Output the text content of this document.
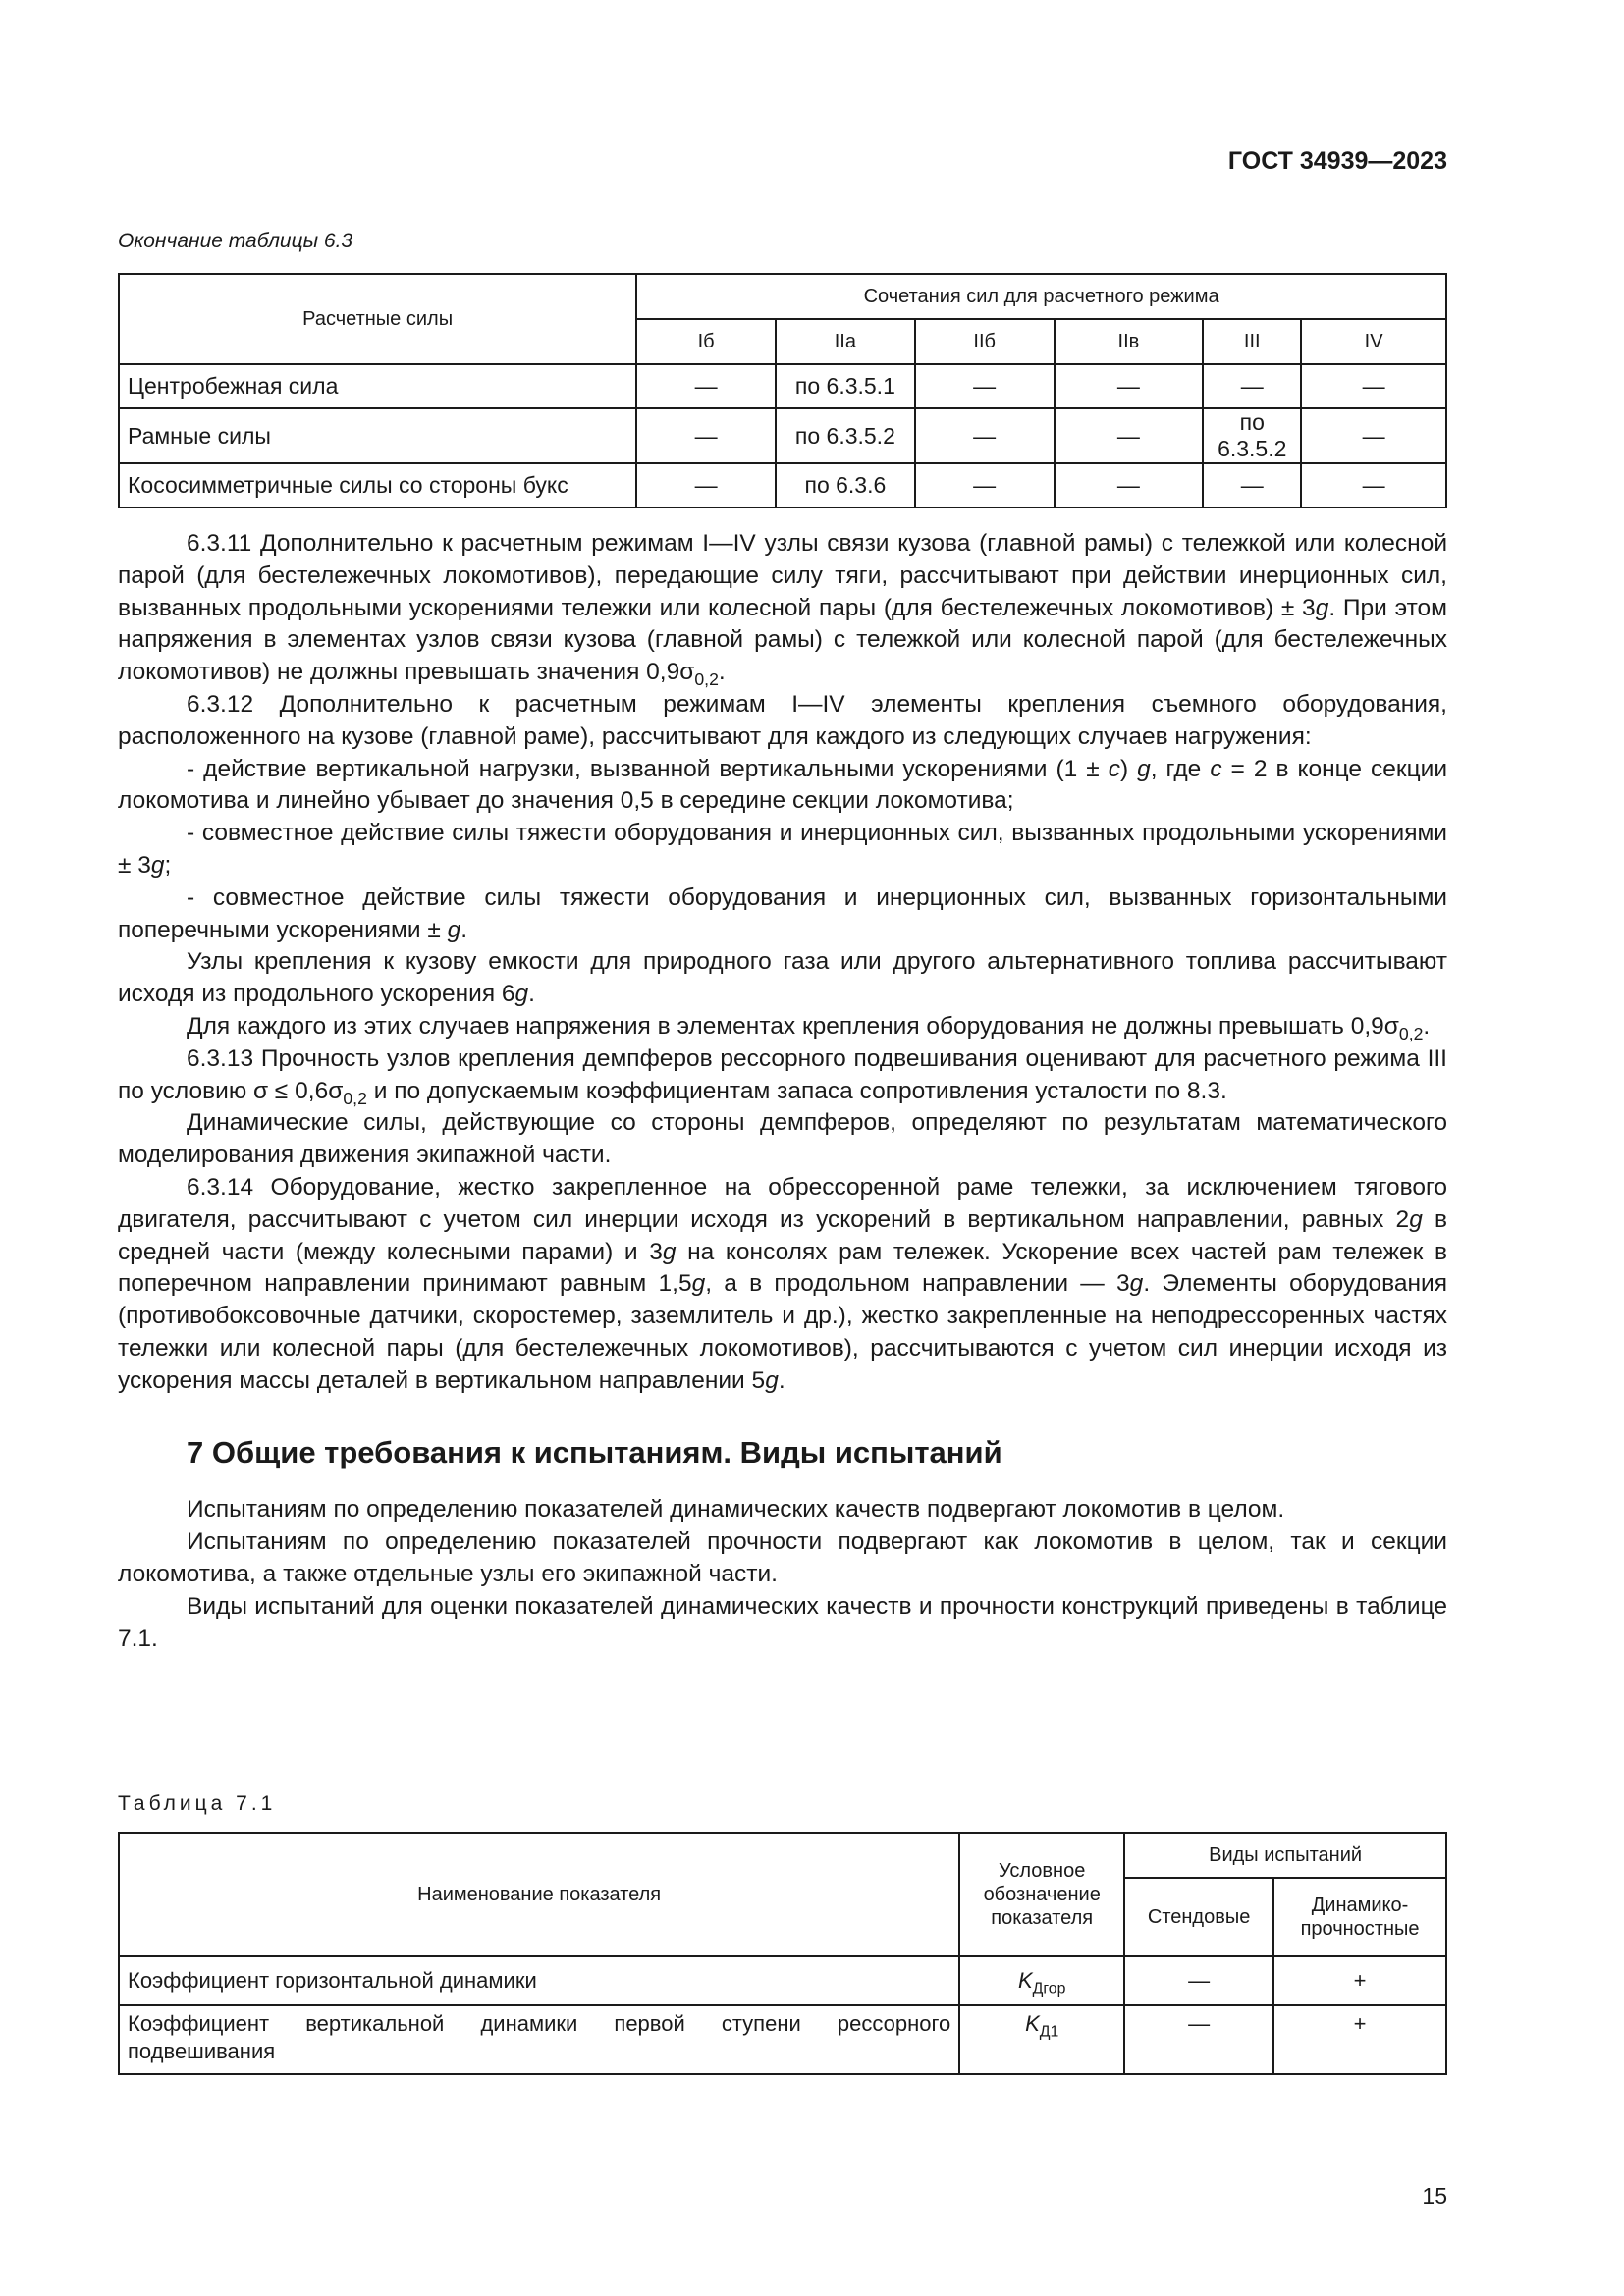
ГОСТ 34939—2023
Окончание таблицы 6.3
Расчетные силы	Сочетания сил для расчетного режима					
	Iб	IIа	IIб	IIв	III	IV
Центробежная сила	—	по 6.3.5.1	—	—	—	—
Рамные силы	—	по 6.3.5.2	—	—	по 6.3.5.2	—
Кососимметричные силы со стороны букс	—	по 6.3.6	—	—	—	—

6.3.11 Дополнительно к расчетным режимам I—IV узлы связи кузова (главной рамы) с тележкой или колесной парой (для бестележечных локомотивов), передающие силу тяги, рассчитывают при действии инерционных сил, вызванных продольными ускорениями тележки или колесной пары (для бестележечных локомотивов) ± 3g. При этом напряжения в элементах узлов связи кузова (главной рамы) с тележкой или колесной парой (для бестележечных локомотивов) не должны превышать значения $0,9\sigma_{0,2}$.

6.3.12 Дополнительно к расчетным режимам I—IV элементы крепления съемного оборудования, расположенного на кузове (главной раме), рассчитывают для каждого из следующих случаев нагружения:

- действие вертикальной нагрузки, вызванной вертикальными ускорениями (1 ± c) g, где c = 2 в конце секции локомотива и линейно убывает до значения 0,5 в середине секции локомотива;

- совместное действие силы тяжести оборудования и инерционных сил, вызванных продольными ускорениями ± 3g;

- совместное действие силы тяжести оборудования и инерционных сил, вызванных горизонтальными поперечными ускорениями ± g.

Узлы крепления к кузову емкости для природного газа или другого альтернативного топлива рассчитывают исходя из продольного ускорения 6g.

Для каждого из этих случаев напряжения в элементах крепления оборудования не должны превышать $0,9\sigma_{0,2}$.

6.3.13 Прочность узлов крепления демпферов рессорного подвешивания оценивают для расчетного режима III по условию $\sigma \le 0,6\sigma_{0,2}$ и по допускаемым коэффициентам запаса сопротивления усталости по 8.3.

Динамические силы, действующие со стороны демпферов, определяют по результатам математического моделирования движения экипажной части.

6.3.14 Оборудование, жестко закрепленное на обрессоренной раме тележки, за исключением тягового двигателя, рассчитывают с учетом сил инерции исходя из ускорений в вертикальном направлении, равных 2g в средней части (между колесными парами) и 3g на консолях рам тележек. Ускорение всех частей рам тележек в поперечном направлении принимают равным 1,5g, а в продольном направлении — 3g. Элементы оборудования (противобоксовочные датчики, скоростемер, заземлитель и др.), жестко закрепленные на неподрессоренных частях тележки или колесной пары (для бестележечных локомотивов), рассчитываются с учетом сил инерции исходя из ускорения массы деталей в вертикальном направлении 5g.

7 Общие требования к испытаниям. Виды испытаний

Испытаниям по определению показателей динамических качеств подвергают локомотив в целом.

Испытаниям по определению показателей прочности подвергают как локомотив в целом, так и секции локомотива, а также отдельные узлы его экипажной части.

Виды испытаний для оценки показателей динамических качеств и прочности конструкций приведены в таблице 7.1.

Таблица 7.1
Наименование показателя	Условное обозначение показателя	Виды испытаний	
		Стендовые	Динамико-прочностные
Коэффициент горизонтальной динамики	$K_{Дгор}$	—	+
Коэффициент вертикальной динамики первой ступени рессорного подвешивания	$K_{Д1}$	—	+
15
